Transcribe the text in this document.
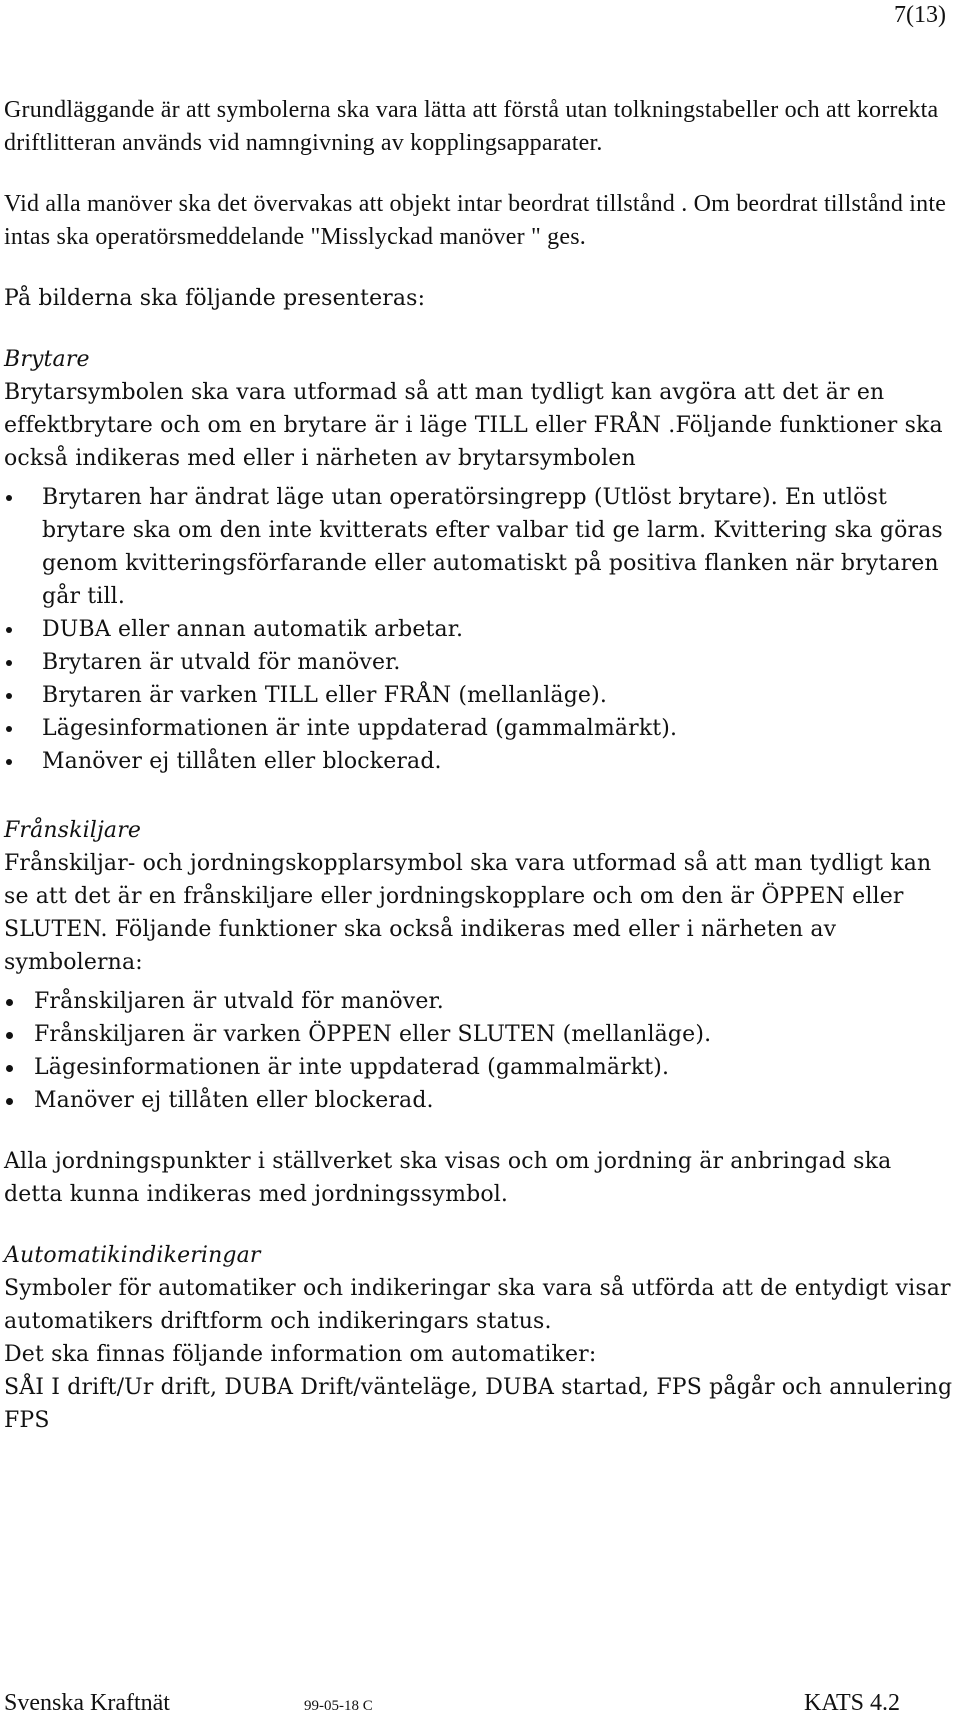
7(13)

Grundläggande är att symbolerna ska vara lätta att förstå utan tolkningstabeller och att korrekta driftlitteran används vid namngivning av kopplingsapparater.

Vid alla manöver ska det övervakas att objekt intar beordrat tillstånd . Om beordrat tillstånd inte intas ska operatörsmeddelande "Misslyckad manöver " ges.

På bilderna ska följande presenteras:

Brytare

Brytarsymbolen ska vara utformad så att man tydligt kan avgöra att det är en effektbrytare och om en brytare är i läge TILL eller FRÅN .Följande funktioner ska också indikeras med eller i närheten av brytarsymbolen

Brytaren har ändrat läge utan operatörsingrepp (Utlöst brytare). En utlöst brytare ska om den inte kvitterats efter valbar tid ge larm. Kvittering ska göras genom kvitteringsförfarande eller automatiskt på positiva flanken när brytaren går till.
DUBA eller annan automatik arbetar.
Brytaren är utvald för manöver.
Brytaren är varken TILL eller FRÅN (mellanläge).
Lägesinformationen är inte uppdaterad (gammalmärkt).
Manöver ej tillåten eller blockerad.

Frånskiljare

Frånskiljar- och jordningskopplarsymbol ska vara utformad så att man tydligt kan se att det är en frånskiljare eller jordningskopplare och om den är ÖPPEN eller SLUTEN. Följande funktioner ska också indikeras med eller i närheten av symbolerna:

Frånskiljaren är utvald för manöver.
Frånskiljaren är varken ÖPPEN eller SLUTEN (mellanläge).
Lägesinformationen är inte uppdaterad (gammalmärkt).
Manöver ej tillåten eller blockerad.

Alla jordningspunkter i ställverket ska visas och om jordning är anbringad ska detta kunna indikeras med jordningssymbol.

Automatikindikeringar

Symboler för automatiker och indikeringar ska vara så utförda att de entydigt visar automatikers driftform och indikeringars status.

Det ska finnas följande information om automatiker:

SÅI I drift/Ur drift, DUBA Drift/vänteläge, DUBA startad, FPS pågår och annulering FPS

Svenska Kraftnät	99-05-18 C	KATS 4.2
